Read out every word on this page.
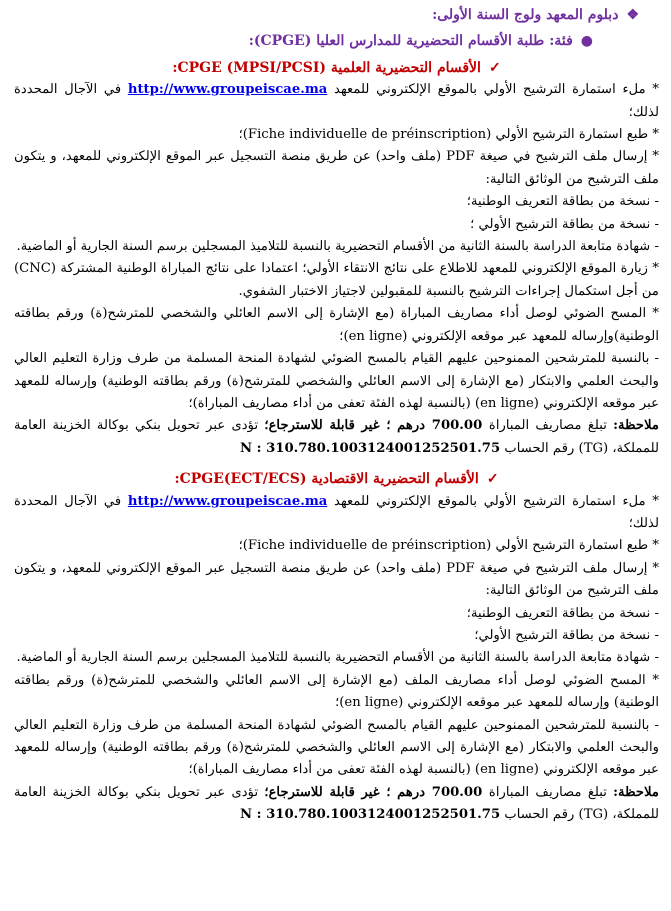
❖دبلوم المعهد ولوج السنة الأولى:

●فئة: طلبة الأقسام التحضيرية للمدارس العليا (CPGE):

✓الأقسام التحضيرية العلمية CPGE (MPSI/PCSI):

* ملء استمارة الترشيح الأولي بالموقع الإلكتروني للمعهد http://www.groupeiscae.ma في الآجال المحددة لذلك؛

* طبع استمارة الترشيح الأولي (Fiche individuelle de préinscription)؛

* إرسال ملف الترشيح في صيغة PDF (ملف واحد) عن طريق منصة التسجيل عبر الموقع الإلكتروني للمعهد، و يتكون ملف الترشيح من الوثائق التالية:

- نسخة من بطاقة التعريف الوطنية؛

- نسخة من بطاقة الترشيح الأولي ؛

- شهادة متابعة الدراسة بالسنة الثانية من الأقسام التحضيرية بالنسبة للتلاميذ المسجلين برسم السنة الجارية أو الماضية.

* زيارة الموقع الإلكتروني للمعهد للاطلاع على نتائج الانتقاء الأولي؛ اعتمادا على نتائج المباراة الوطنية المشتركة (CNC) من أجل استكمال إجراءات الترشيح بالنسبة للمقبولين لاجتياز الاختبار الشفوي.

* المسح الضوئي لوصل أداء مصاريف المباراة (مع الإشارة إلى الاسم العائلي والشخصي للمترشح(ة) ورقم بطاقته الوطنية)وإرساله للمعهد عبر موقعه الإلكتروني (en ligne)؛

- بالنسبة للمترشحين الممنوحين عليهم القيام بالمسح الضوئي لشهادة المنحة المسلمة من طرف وزارة التعليم العالي والبحث العلمي والابتكار (مع الإشارة إلى الاسم العائلي والشخصي للمترشح(ة) ورقم بطاقته الوطنية) وإرساله للمعهد عبر موقعه الإلكتروني (en ligne) (بالنسبة لهذه الفئة تعفى من أداء مصاريف المباراة)؛

ملاحظة: تبلغ مصاريف المباراة 700.00 درهم ؛ غير قابلة للاسترجاع؛ تؤدى عبر تحويل بنكي بوكالة الخزينة العامة للمملكة، (TG) رقم الحساب N : 310.780.1003124001252501.75

✓الأقسام التحضيرية الاقتصادية CPGE(ECT/ECS):

* ملء استمارة الترشيح الأولي بالموقع الإلكتروني للمعهد http://www.groupeiscae.ma في الآجال المحددة لذلك؛

* طبع استمارة الترشيح الأولي (Fiche individuelle de préinscription)؛

* إرسال ملف الترشيح في صيغة PDF (ملف واحد) عن طريق منصة التسجيل عبر الموقع الإلكتروني للمعهد، و يتكون ملف الترشيح من الوثائق التالية:

- نسخة من بطاقة التعريف الوطنية؛

- نسخة من بطاقة الترشيح الأولي؛

- شهادة متابعة الدراسة بالسنة الثانية من الأقسام التحضيرية بالنسبة للتلاميذ المسجلين برسم السنة الجارية أو الماضية.

* المسح الضوئي لوصل أداء مصاريف الملف (مع الإشارة إلى الاسم العائلي والشخصي للمترشح(ة) ورقم بطاقته الوطنية) وإرساله للمعهد عبر موقعه الإلكتروني (en ligne)؛

- بالنسبة للمترشحين الممنوحين عليهم القيام بالمسح الضوئي لشهادة المنحة المسلمة من طرف وزارة التعليم العالي والبحث العلمي والابتكار (مع الإشارة إلى الاسم العائلي والشخصي للمترشح(ة) ورقم بطاقته الوطنية) وإرساله للمعهد عبر موقعه الإلكتروني (en ligne) (بالنسبة لهذه الفئة تعفى من أداء مصاريف المباراة)؛

ملاحظة: تبلغ مصاريف المباراة 700.00 درهم ؛ غير قابلة للاسترجاع؛ تؤدى عبر تحويل بنكي بوكالة الخزينة العامة للمملكة، (TG) رقم الحساب N : 310.780.1003124001252501.75
